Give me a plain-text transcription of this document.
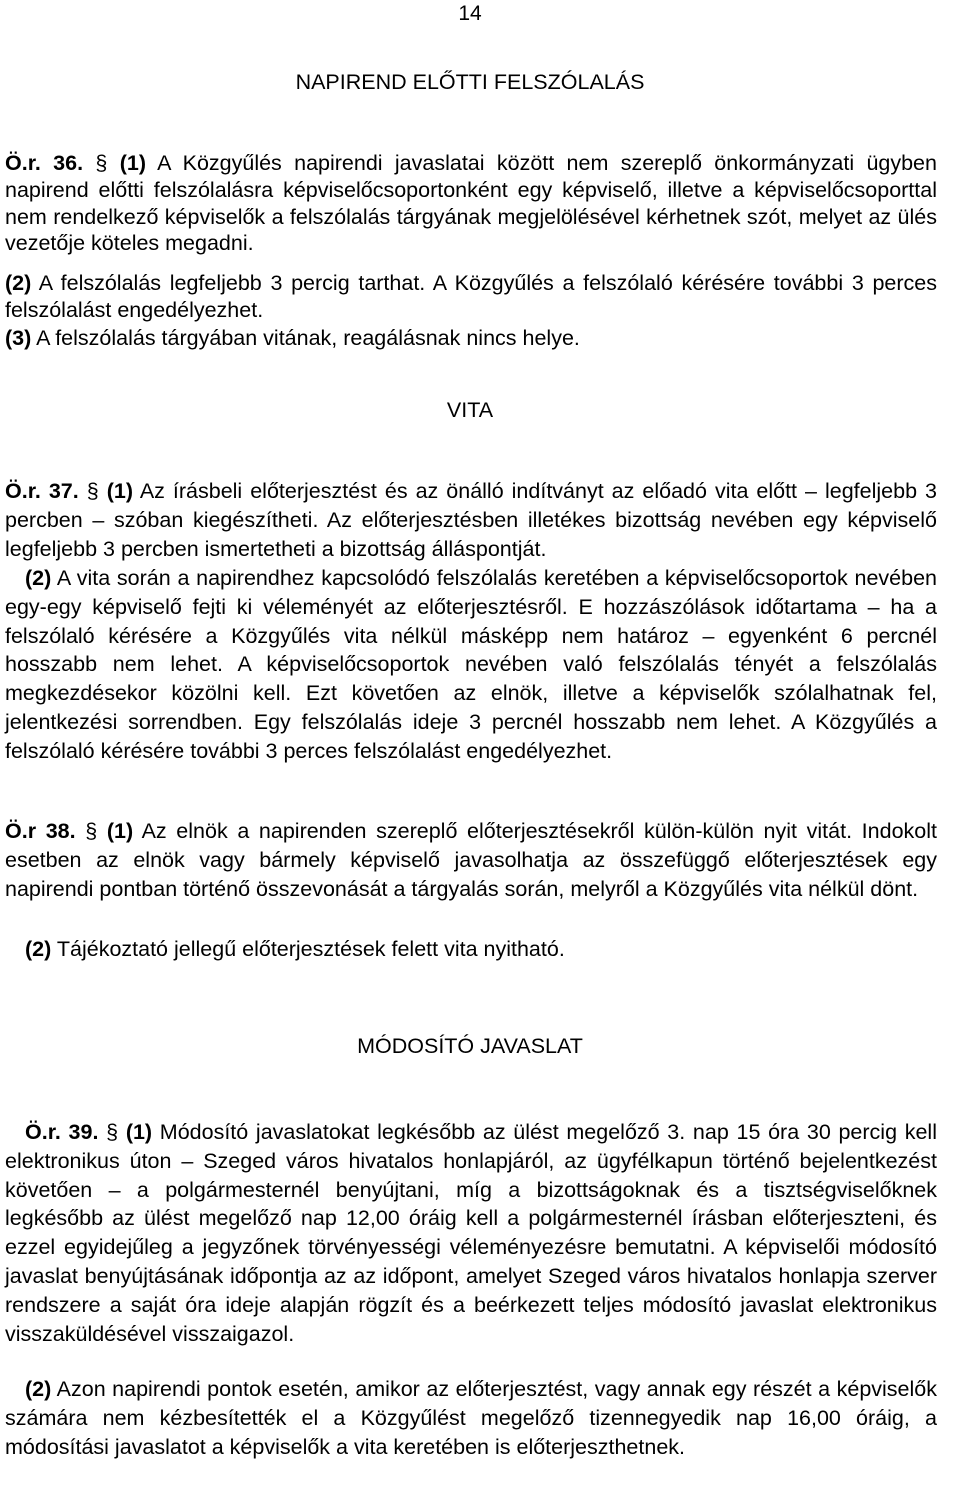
14
NAPIREND ELŐTTI FELSZÓLALÁS
Ö.r. 36. § (1) A Közgyűlés napirendi javaslatai között nem szereplő önkormányzati ügyben napirend előtti felszólalásra képviselőcsoportonként egy képviselő, illetve a képviselőcsoporttal nem rendelkező képviselők a felszólalás tárgyának megjelölésével kérhetnek szót, melyet az ülés vezetője köteles megadni.
(2) A felszólalás legfeljebb 3 percig tarthat. A Közgyűlés a felszólaló kérésére további 3 perces felszólalást engedélyezhet.
(3) A felszólalás tárgyában vitának, reagálásnak nincs helye.
VITA
Ö.r. 37. § (1) Az írásbeli előterjesztést és az önálló indítványt az előadó vita előtt – legfeljebb 3 percben – szóban kiegészítheti. Az előterjesztésben illetékes bizottság nevében egy képviselő legfeljebb 3 percben ismertetheti a bizottság álláspontját.
(2) A vita során a napirendhez kapcsolódó felszólalás keretében a képviselőcsoportok nevében egy-egy képviselő fejti ki véleményét az előterjesztésről. E hozzászólások időtartama – ha a felszólaló kérésére a Közgyűlés vita nélkül másképp nem határoz – egyenként 6 percnél hosszabb nem lehet. A képviselőcsoportok nevében való felszólalás tényét a felszólalás megkezdésekor közölni kell. Ezt követően az elnök, illetve a képviselők szólalhatnak fel, jelentkezési sorrendben. Egy felszólalás ideje 3 percnél hosszabb nem lehet. A Közgyűlés a felszólaló kérésére további 3 perces felszólalást engedélyezhet.
Ö.r 38. § (1) Az elnök a napirenden szereplő előterjesztésekről külön-külön nyit vitát. Indokolt esetben az elnök vagy bármely képviselő javasolhatja az összefüggő előterjesztések egy napirendi pontban történő összevonását a tárgyalás során, melyről a Közgyűlés vita nélkül dönt.
(2) Tájékoztató jellegű előterjesztések felett vita nyitható.
MÓDOSÍTÓ JAVASLAT
Ö.r. 39. § (1) Módosító javaslatokat legkésőbb az ülést megelőző 3. nap 15 óra 30 percig kell elektronikus úton – Szeged város hivatalos honlapjáról, az ügyfélkapun történő bejelentkezést követően – a polgármesternél benyújtani, míg a bizottságoknak és a tisztségviselőknek legkésőbb az ülést megelőző nap 12,00 óráig kell a polgármesternél írásban előterjeszteni, és ezzel egyidejűleg a jegyzőnek törvényességi véleményezésre bemutatni. A képviselői módosító javaslat benyújtásának időpontja az az időpont, amelyet Szeged város hivatalos honlapja szerver rendszere a saját óra ideje alapján rögzít és a beérkezett teljes módosító javaslat elektronikus visszaküldésével visszaigazol.
(2) Azon napirendi pontok esetén, amikor az előterjesztést, vagy annak egy részét a képviselők számára nem kézbesítették el a Közgyűlést megelőző tizennegyedik nap 16,00 óráig, a módosítási javaslatot a képviselők a vita keretében is előterjeszthetnek.
